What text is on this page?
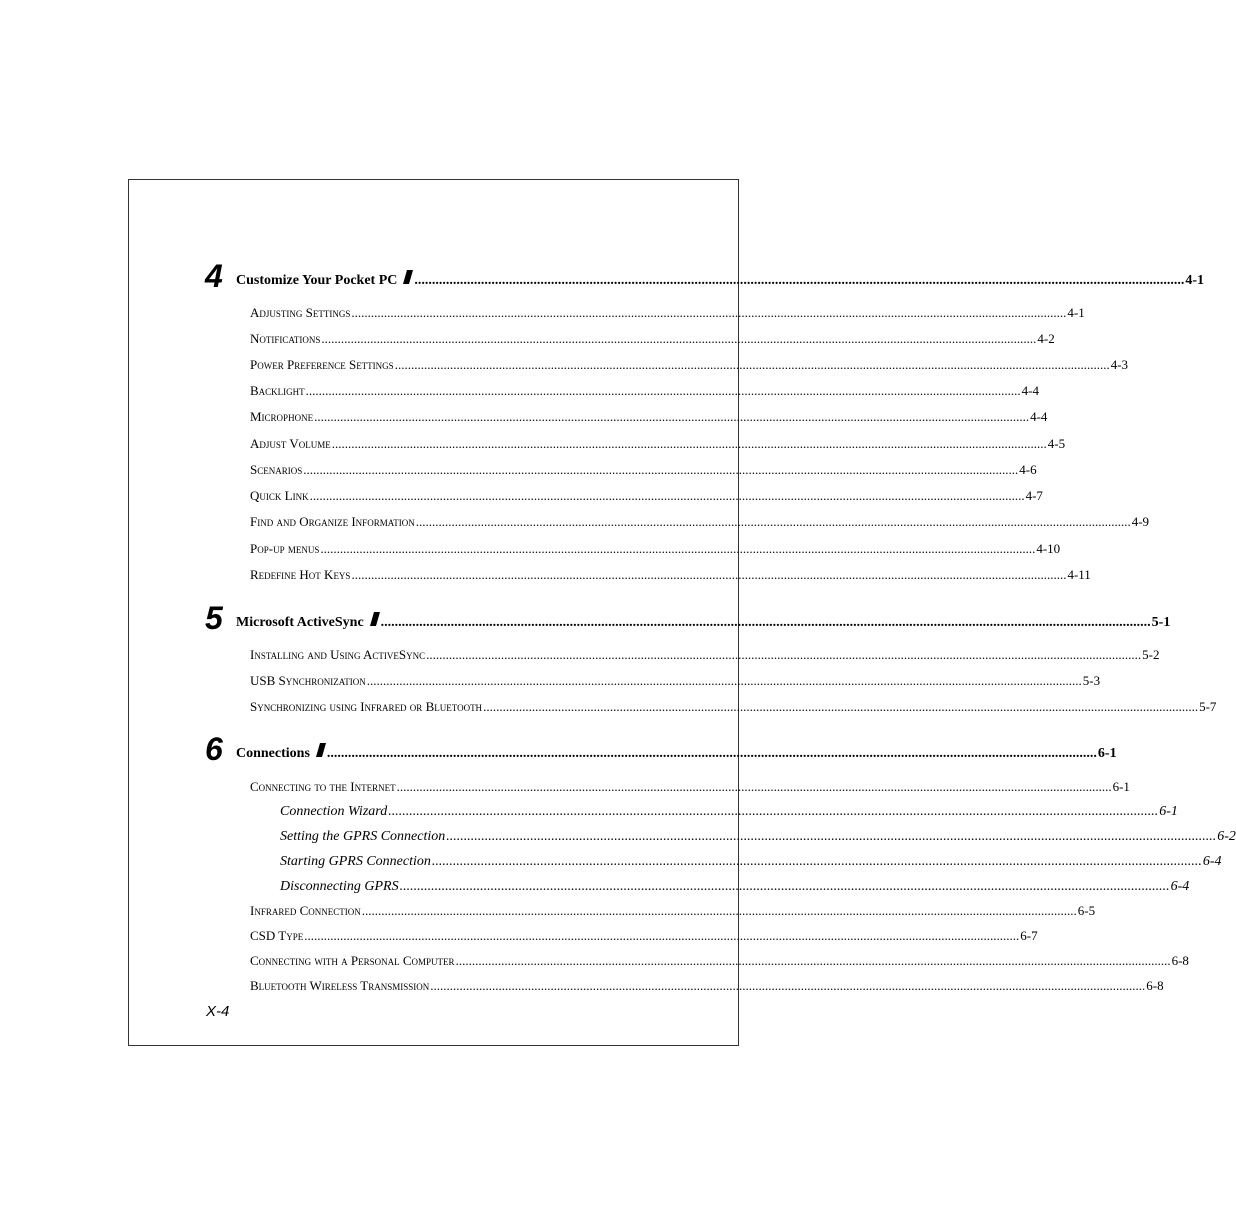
4 Customize Your Pocket PC .....	4-1
Adjusting Settings .....	4-1
Notifications .....	4-2
Power Preference Settings .....	4-3
Backlight .....	4-4
Microphone .....	4-4
Adjust Volume .....	4-5
Scenarios .....	4-6
Quick Link .....	4-7
Find and Organize Information .....	4-9
Pop-up menus .....	4-10
Redefine Hot Keys .....	4-11
5 Microsoft ActiveSync .....	5-1
Installing and Using ActiveSync .....	5-2
USB Synchronization .....	5-3
Synchronizing using Infrared or Bluetooth .....	5-7
6 Connections .....	6-1
Connecting to the Internet .....	6-1
Connection Wizard .....	6-1
Setting the GPRS Connection .....	6-2
Starting GPRS Connection .....	6-4
Disconnecting GPRS .....	6-4
Infrared Connection .....	6-5
CSD Type .....	6-7
Connecting with a Personal Computer .....	6-8
Bluetooth Wireless Transmission .....	6-8
X-4
